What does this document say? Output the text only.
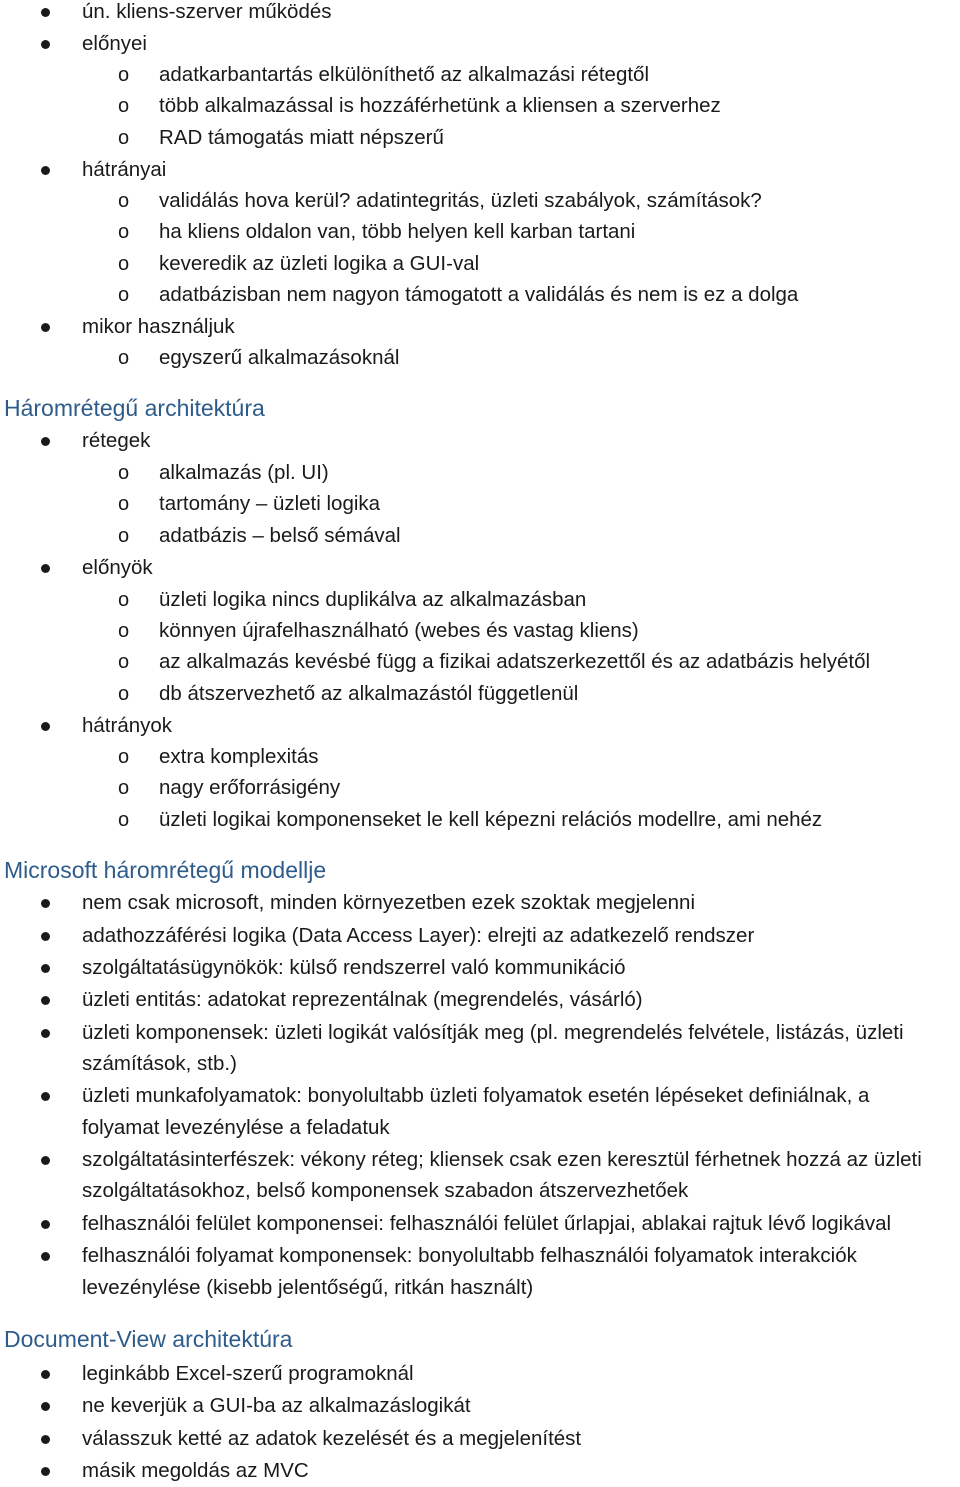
ún. kliens-szerver működés
előnyei
o adatkarbantartás elkülöníthető az alkalmazási rétegtől
o több alkalmazással is hozzáférhetünk a kliensen a szerverhez
o RAD támogatás miatt népszerű
hátrányai
o validálás hova kerül? adatintegritás, üzleti szabályok, számítások?
o ha kliens oldalon van, több helyen kell karban tartani
o keveredik az üzleti logika a GUI-val
o adatbázisban nem nagyon támogatott a validálás és nem is ez a dolga
mikor használjuk
o egyszerű alkalmazásoknál
Háromrétegű architektúra
rétegek
o alkalmazás (pl. UI)
o tartomány – üzleti logika
o adatbázis – belső sémával
előnyök
o üzleti logika nincs duplikálva az alkalmazásban
o könnyen újrafelhasználható (webes és vastag kliens)
o az alkalmazás kevésbé függ a fizikai adatszerkezettől és az adatbázis helyétől
o db átszervezhető az alkalmazástól függetlenül
hátrányok
o extra komplexitás
o nagy erőforrásigény
o üzleti logikai komponenseket le kell képezni relációs modellre, ami nehéz
Microsoft háromrétegű modellje
nem csak microsoft, minden környezetben ezek szoktak megjelenni
adathozzáférési logika (Data Access Layer): elrejti az adatkezelő rendszer
szolgáltatásügynökök: külső rendszerrel való kommunikáció
üzleti entitás: adatokat reprezentálnak (megrendelés, vásárló)
üzleti komponensek: üzleti logikát valósítják meg (pl. megrendelés felvétele, listázás, üzleti
számítások, stb.)
üzleti munkafolyamatok: bonyolultabb üzleti folyamatok esetén lépéseket definiálnak, a
folyamat levezénylése a feladatuk
szolgáltatásinterfészek: vékony réteg; kliensek csak ezen keresztül férhetnek hozzá az üzleti
szolgáltatásokhoz, belső komponensek szabadon átszervezhetőek
felhasználói felület komponensei: felhasználói felület űrlapjai, ablakai rajtuk lévő logikával
felhasználói folyamat komponensek: bonyolultabb felhasználói folyamatok interakciók
levezénylése (kisebb jelentőségű, ritkán használt)
Document-View architektúra
leginkább Excel-szerű programoknál
ne keverjük a GUI-ba az alkalmazáslogikát
válasszuk ketté az adatok kezelését és a megjelenítést
másik megoldás az MVC
